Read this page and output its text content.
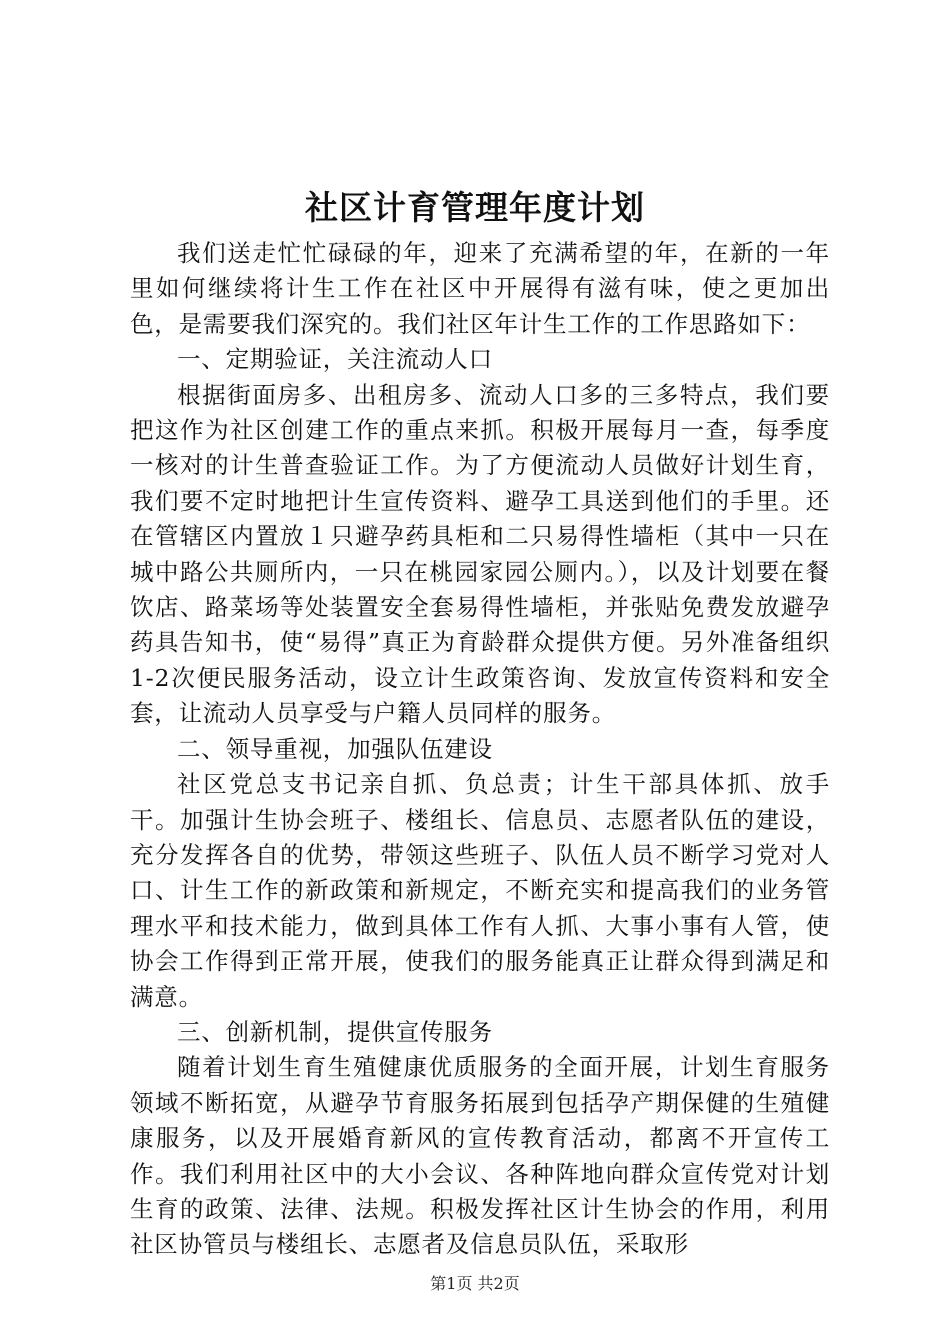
社区计育管理年度计划

我们送走忙忙碌碌的年，迎来了充满希望的年，在新的一年里如何继续将计生工作在社区中开展得有滋有味，使之更加出色，是需要我们深究的。我们社区年计生工作的工作思路如下：

一、定期验证，关注流动人口

根据街面房多、出租房多、流动人口多的三多特点，我们要把这作为社区创建工作的重点来抓。积极开展每月一查，每季度一核对的计生普查验证工作。为了方便流动人员做好计划生育，我们要不定时地把计生宣传资料、避孕工具送到他们的手里。还在管辖区内置放１只避孕药具柜和二只易得性墙柜（其中一只在城中路公共厕所内，一只在桃园家园公厕内。），以及计划要在餐饮店、路菜场等处装置安全套易得性墙柜，并张贴免费发放避孕药具告知书，使“易得”真正为育龄群众提供方便。另外准备组织1-2次便民服务活动，设立计生政策咨询、发放宣传资料和安全套，让流动人员享受与户籍人员同样的服务。

二、领导重视，加强队伍建设

社区党总支书记亲自抓、负总责；计生干部具体抓、放手干。加强计生协会班子、楼组长、信息员、志愿者队伍的建设，充分发挥各自的优势，带领这些班子、队伍人员不断学习党对人口、计生工作的新政策和新规定，不断充实和提高我们的业务管理水平和技术能力，做到具体工作有人抓、大事小事有人管，使协会工作得到正常开展，使我们的服务能真正让群众得到满足和满意。

三、创新机制，提供宣传服务

随着计划生育生殖健康优质服务的全面开展，计划生育服务领域不断拓宽，从避孕节育服务拓展到包括孕产期保健的生殖健康服务，以及开展婚育新风的宣传教育活动，都离不开宣传工作。我们利用社区中的大小会议、各种阵地向群众宣传党对计划生育的政策、法律、法规。积极发挥社区计生协会的作用，利用社区协管员与楼组长、志愿者及信息员队伍，采取形

第1页 共2页
